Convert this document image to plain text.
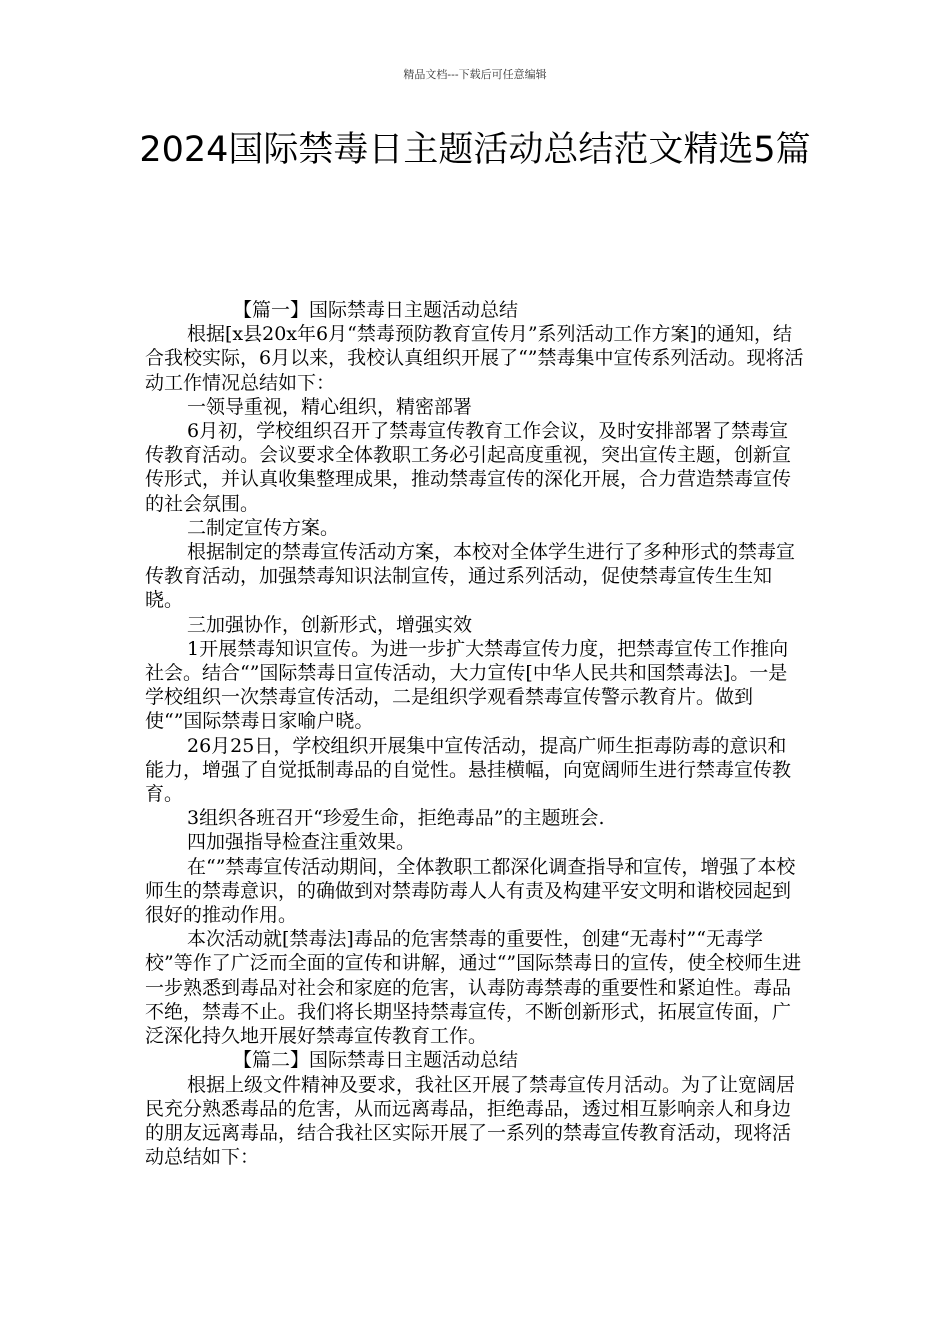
精品文档---下载后可任意编辑
2024国际禁毒日主题活动总结范文精选5篇

【篇一】国际禁毒日主题活动总结

根据[x县20x年6月“禁毒预防教育宣传月”系列活动工作方案]的通知，结合我校实际，6月以来，我校认真组织开展了“”禁毒集中宣传系列活动。现将活动工作情况总结如下：

一领导重视，精心组织，精密部署

6月初，学校组织召开了禁毒宣传教育工作会议，及时安排部署了禁毒宣传教育活动。会议要求全体教职工务必引起高度重视，突出宣传主题，创新宣传形式，并认真收集整理成果，推动禁毒宣传的深化开展，合力营造禁毒宣传的社会氛围。

二制定宣传方案。

根据制定的禁毒宣传活动方案，本校对全体学生进行了多种形式的禁毒宣传教育活动，加强禁毒知识法制宣传，通过系列活动，促使禁毒宣传生生知晓。

三加强协作，创新形式，增强实效

1开展禁毒知识宣传。为进一步扩大禁毒宣传力度，把禁毒宣传工作推向社会。结合“”国际禁毒日宣传活动，大力宣传[中华人民共和国禁毒法]。一是学校组织一次禁毒宣传活动，二是组织学观看禁毒宣传警示教育片。做到使“”国际禁毒日家喻户晓。

26月25日，学校组织开展集中宣传活动，提高广师生拒毒防毒的意识和能力，增强了自觉抵制毒品的自觉性。悬挂横幅，向宽阔师生进行禁毒宣传教育。

3组织各班召开“珍爱生命，拒绝毒品”的主题班会.

四加强指导检查注重效果。

在“”禁毒宣传活动期间，全体教职工都深化调查指导和宣传，增强了本校师生的禁毒意识，的确做到对禁毒防毒人人有责及构建平安文明和谐校园起到很好的推动作用。

本次活动就[禁毒法]毒品的危害禁毒的重要性，创建“无毒村”“无毒学校”等作了广泛而全面的宣传和讲解，通过“”国际禁毒日的宣传，使全校师生进一步熟悉到毒品对社会和家庭的危害，认毒防毒禁毒的重要性和紧迫性。毒品不绝，禁毒不止。我们将长期坚持禁毒宣传，不断创新形式，拓展宣传面，广泛深化持久地开展好禁毒宣传教育工作。

【篇二】国际禁毒日主题活动总结

根据上级文件精神及要求，我社区开展了禁毒宣传月活动。为了让宽阔居民充分熟悉毒品的危害，从而远离毒品，拒绝毒品，透过相互影响亲人和身边的朋友远离毒品，结合我社区实际开展了一系列的禁毒宣传教育活动，现将活动总结如下：
